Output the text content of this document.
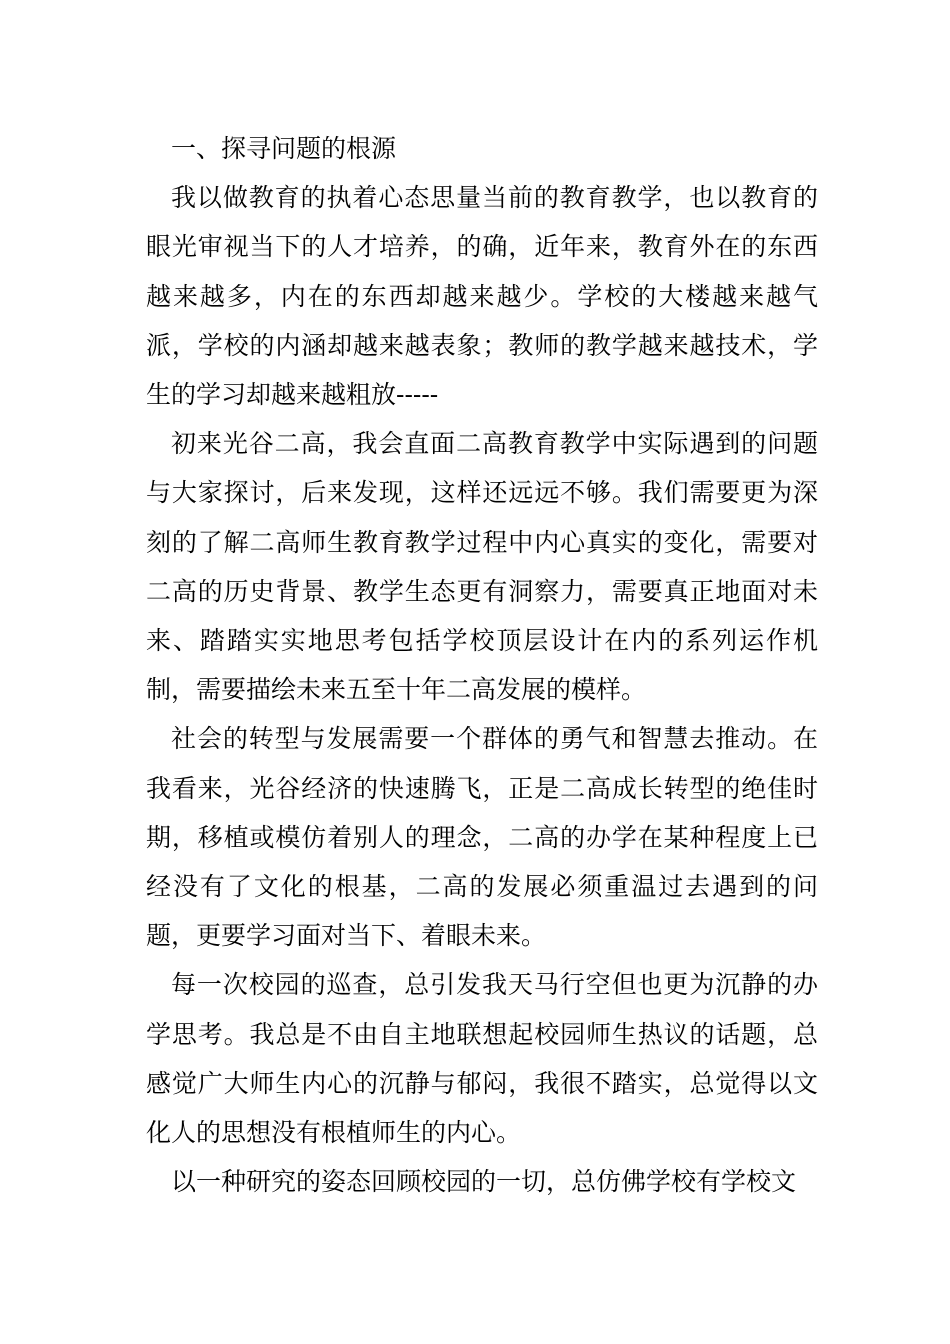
一、探寻问题的根源

我以做教育的执着心态思量当前的教育教学，也以教育的眼光审视当下的人才培养，的确，近年来，教育外在的东西越来越多，内在的东西却越来越少。学校的大楼越来越气派，学校的内涵却越来越表象；教师的教学越来越技术，学生的学习却越来越粗放-----

初来光谷二高，我会直面二高教育教学中实际遇到的问题与大家探讨，后来发现，这样还远远不够。我们需要更为深刻的了解二高师生教育教学过程中内心真实的变化，需要对二高的历史背景、教学生态更有洞察力，需要真正地面对未来、踏踏实实地思考包括学校顶层设计在内的系列运作机制，需要描绘未来五至十年二高发展的模样。

社会的转型与发展需要一个群体的勇气和智慧去推动。在我看来，光谷经济的快速腾飞，正是二高成长转型的绝佳时期，移植或模仿着别人的理念，二高的办学在某种程度上已经没有了文化的根基，二高的发展必须重温过去遇到的问题，更要学习面对当下、着眼未来。

每一次校园的巡查，总引发我天马行空但也更为沉静的办学思考。我总是不由自主地联想起校园师生热议的话题，总感觉广大师生内心的沉静与郁闷，我很不踏实，总觉得以文化人的思想没有根植师生的内心。

以一种研究的姿态回顾校园的一切，总仿佛学校有学校文
